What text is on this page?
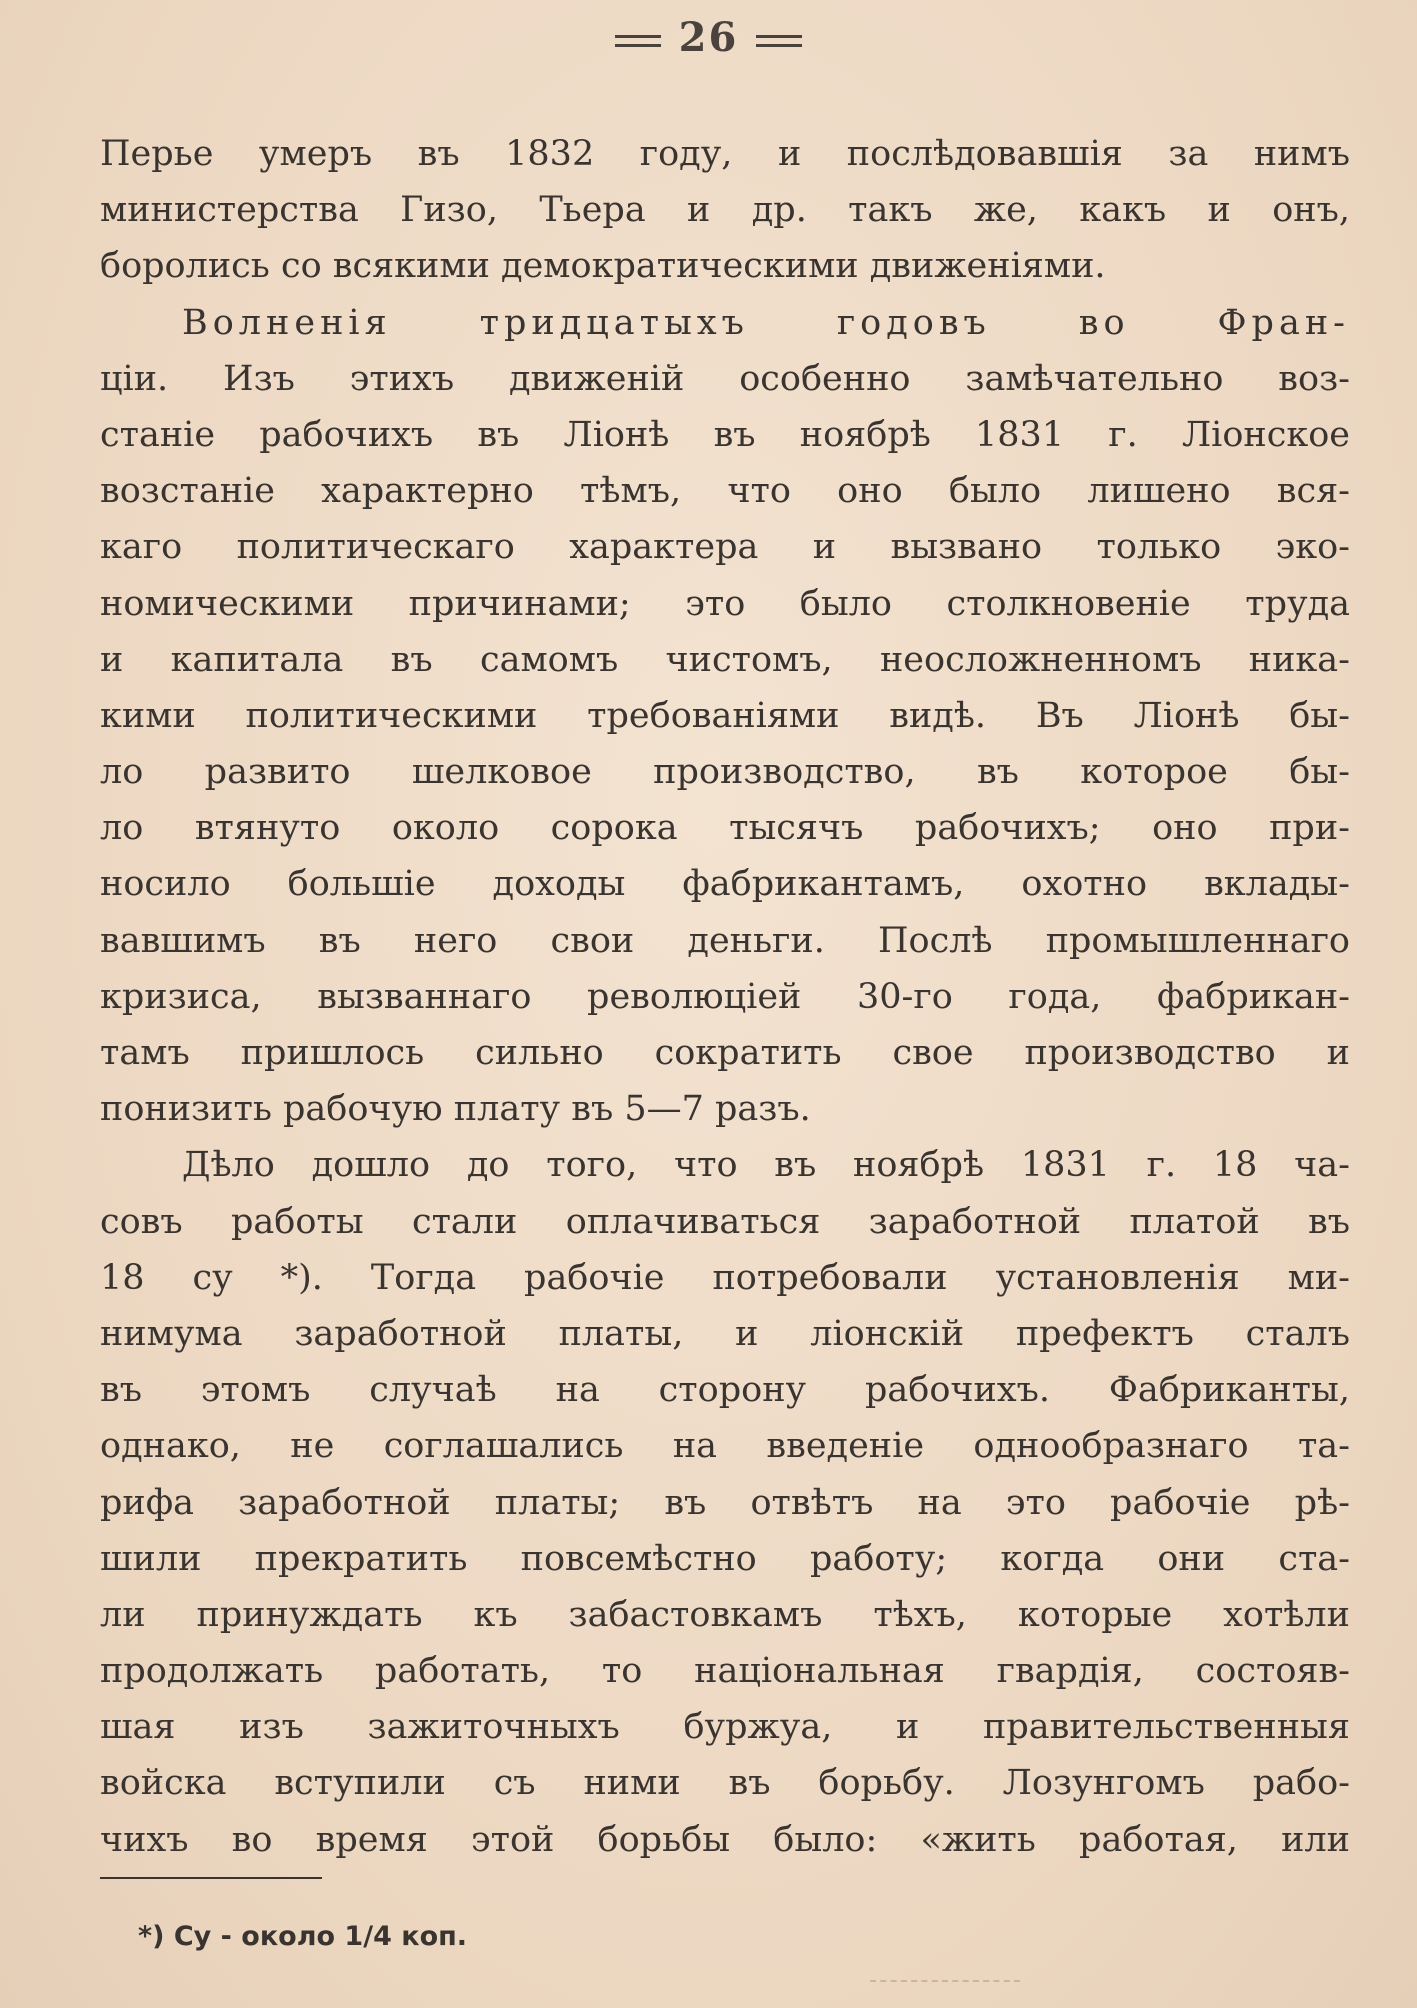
26
Перье умеръ въ 1832 году, и послѣдовавшія за нимъ
министерства Гизо, Тьера и др. такъ же, какъ и онъ,
боролись со всякими демократическими движеніями.
Волненія тридцатыхъ годовъ во Фран-
ціи. Изъ этихъ движеній особенно замѣчательно воз-
станіе рабочихъ въ Ліонѣ въ ноябрѣ 1831 г. Ліонское
возстаніе характерно тѣмъ, что оно было лишено вся-
каго политическаго характера и вызвано только эко-
номическими причинами; это было столкновеніе труда
и капитала въ самомъ чистомъ, неосложненномъ ника-
кими политическими требованіями видѣ. Въ Ліонѣ бы-
ло развито шелковое производство, въ которое бы-
ло втянуто около сорока тысячъ рабочихъ; оно при-
носило большіе доходы фабрикантамъ, охотно вклады-
вавшимъ въ него свои деньги. Послѣ промышленнаго
кризиса, вызваннаго революціей 30-го года, фабрикан-
тамъ пришлось сильно сократить свое производство и
понизить рабочую плату въ 5—7 разъ.
Дѣло дошло до того, что въ ноябрѣ 1831 г. 18 ча-
совъ работы стали оплачиваться заработной платой въ
18 су *). Тогда рабочіе потребовали установленія ми-
нимума заработной платы, и ліонскій префектъ сталъ
въ этомъ случаѣ на сторону рабочихъ. Фабриканты,
однако, не соглашались на введеніе однообразнаго та-
рифа заработной платы; въ отвѣтъ на это рабочіе рѣ-
шили прекратить повсемѣстно работу; когда они ста-
ли принуждать къ забастовкамъ тѣхъ, которые хотѣли
продолжать работать, то національная гвардія, состояв-
шая изъ зажиточныхъ буржуа, и правительственныя
войска вступили съ ними въ борьбу. Лозунгомъ рабо-
чихъ во время этой борьбы было: «жить работая, или
*) Су - около 1/4 коп.
